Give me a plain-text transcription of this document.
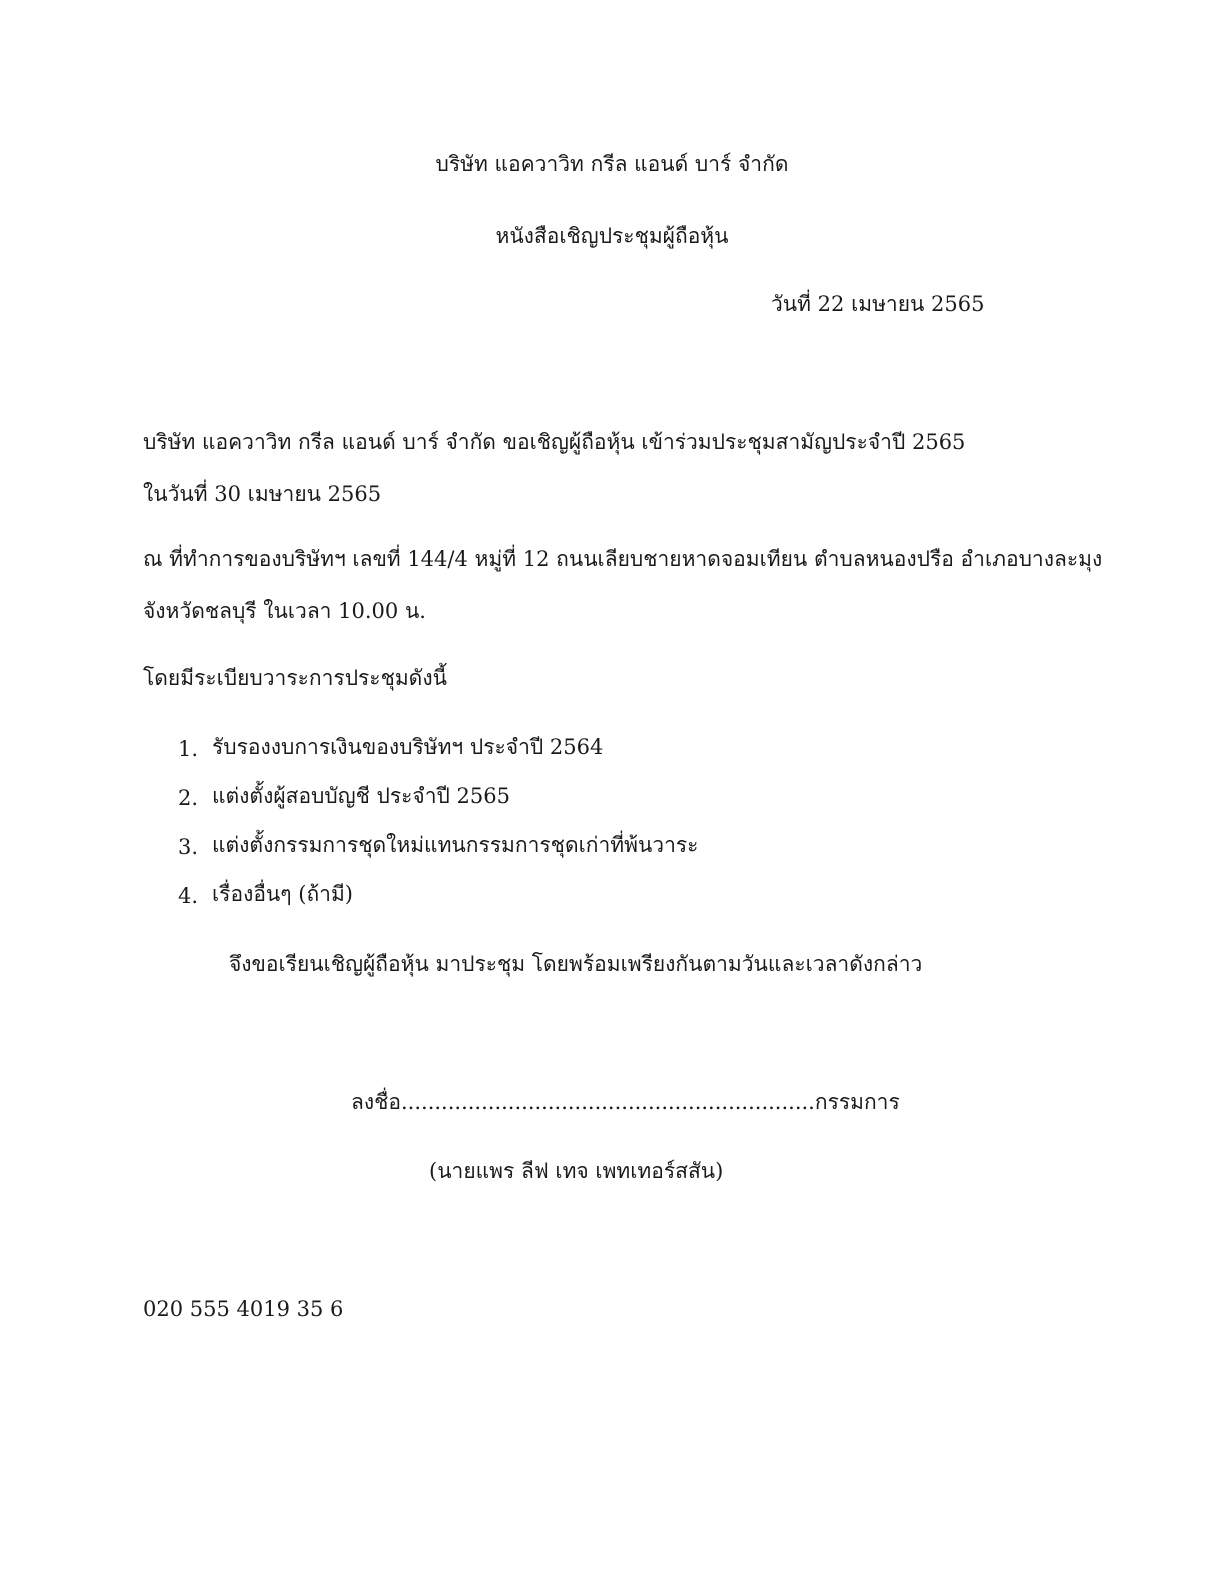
บริษัท แอควาวิท กรีล แอนด์ บาร์ จำกัด
หนังสือเชิญประชุมผู้ถือหุ้น
วันที่ 22 เมษายน 2565
บริษัท แอควาวิท กรีล แอนด์ บาร์ จำกัด ขอเชิญผู้ถือหุ้น เข้าร่วมประชุมสามัญประจำปี 2565
ในวันที่ 30 เมษายน 2565
ณ ที่ทำการของบริษัทฯ เลขที่ 144/4 หมู่ที่ 12 ถนนเลียบชายหาดจอมเทียน ตำบลหนองปรือ อำเภอบางละมุง
จังหวัดชลบุรี ในเวลา 10.00 น.
โดยมีระเบียบวาระการประชุมดังนี้
1. รับรองงบการเงินของบริษัทฯ ประจำปี 2564
2. แต่งตั้งผู้สอบบัญชี ประจำปี 2565
3. แต่งตั้งกรรมการชุดใหม่แทนกรรมการชุดเก่าที่พ้นวาระ
4. เรื่องอื่นๆ (ถ้ามี)
จึงขอเรียนเชิญผู้ถือหุ้น มาประชุม โดยพร้อมเพรียงกันตามวันและเวลาดังกล่าว
ลงชื่อ..............................................................กรรมการ
(นายแพร ลีฟ เทจ เพทเทอร์สสัน)
020 555 4019 35 6
